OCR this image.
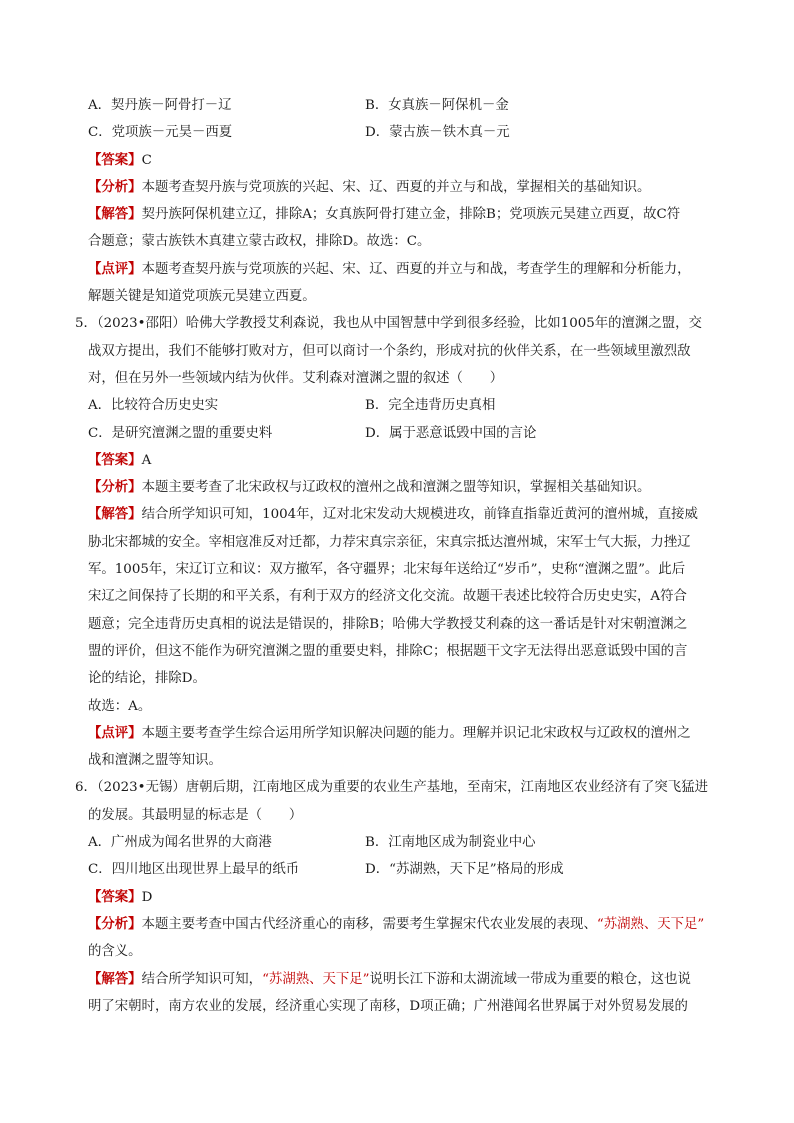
A．契丹族－阿骨打－辽	B．女真族－阿保机－金
C．党项族－元昊－西夏	D．蒙古族－铁木真－元
【答案】C
【分析】本题考查契丹族与党项族的兴起、宋、辽、西夏的并立与和战，掌握相关的基础知识。
【解答】契丹族阿保机建立辽，排除A；女真族阿骨打建立金，排除B；党项族元昊建立西夏，故C符
合题意；蒙古族铁木真建立蒙古政权，排除D。故选：C。
【点评】本题考查契丹族与党项族的兴起、宋、辽、西夏的并立与和战，考查学生的理解和分析能力，
解题关键是知道党项族元昊建立西夏。
5．（2023•邵阳）哈佛大学教授艾利森说，我也从中国智慧中学到很多经验，比如1005年的澶渊之盟，交
战双方提出，我们不能够打败对方，但可以商讨一个条约，形成对抗的伙伴关系，在一些领域里激烈敌
对，但在另外一些领域内结为伙伴。艾利森对澶渊之盟的叙述（　　）
A．比较符合历史史实	B．完全违背历史真相
C．是研究澶渊之盟的重要史料	D．属于恶意诋毁中国的言论
【答案】A
【分析】本题主要考查了北宋政权与辽政权的澶州之战和澶渊之盟等知识，掌握相关基础知识。
【解答】结合所学知识可知，1004年，辽对北宋发动大规模进攻，前锋直指靠近黄河的澶州城，直接威
胁北宋都城的安全。宰相寇准反对迁都，力荐宋真宗亲征，宋真宗抵达澶州城，宋军士气大振，力挫辽
军。1005年，宋辽订立和议：双方撤军，各守疆界；北宋每年送给辽“岁币”，史称“澶渊之盟”。此后
宋辽之间保持了长期的和平关系，有利于双方的经济文化交流。故题干表述比较符合历史史实，A符合
题意；完全违背历史真相的说法是错误的，排除B；哈佛大学教授艾利森的这一番话是针对宋朝澶渊之
盟的评价，但这不能作为研究澶渊之盟的重要史料，排除C；根据题干文字无法得出恶意诋毁中国的言
论的结论，排除D。
故选：A。
【点评】本题主要考查学生综合运用所学知识解决问题的能力。理解并识记北宋政权与辽政权的澶州之
战和澶渊之盟等知识。
6．（2023•无锡）唐朝后期，江南地区成为重要的农业生产基地，至南宋，江南地区农业经济有了突飞猛进
的发展。其最明显的标志是（　　）
A．广州成为闻名世界的大商港	B．江南地区成为制瓷业中心
C．四川地区出现世界上最早的纸币	D．“苏湖熟，天下足”格局的形成
【答案】D
【分析】本题主要考查中国古代经济重心的南移，需要考生掌握宋代农业发展的表现、“苏湖熟、天下足”
的含义。
【解答】结合所学知识可知，“苏湖熟、天下足”说明长江下游和太湖流域一带成为重要的粮仓，这也说
明了宋朝时，南方农业的发展，经济重心实现了南移，D项正确；广州港闻名世界属于对外贸易发展的
